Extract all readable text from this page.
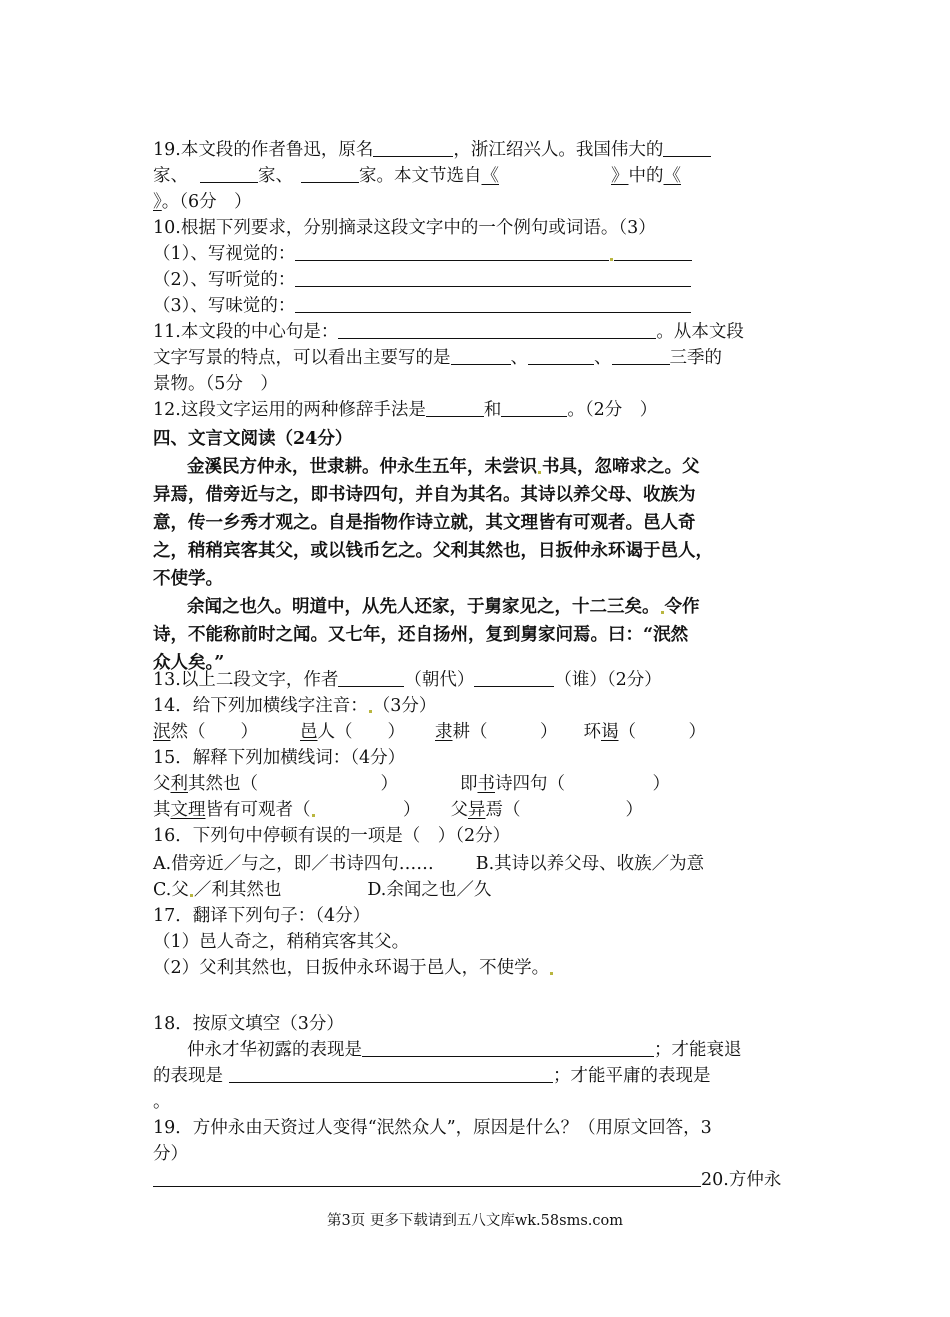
19.本文段的作者鲁迅，原名	，浙江绍兴人。我国伟大的
家、	家、	家。本文节选自《	》中的《
》。（6分　）
10.根据下列要求，分别摘录这段文字中的一个例句或词语。（3）
（1）、写视觉的：
（2）、写听觉的：
（3）、写味觉的：
11.本文段的中心句是：	。从本文段
文字写景的特点，可以看出主要写的是	、	、	三季的
景物。（5分　）
12.这段文字运用的两种修辞手法是	和	。（2分　）
四、文言文阅读（24分）
金溪民方仲永，世隶耕。仲永生五年，未尝识 书具，忽啼求之。父
异焉，借旁近与之，即书诗四句，并自为其名。其诗以养父母、收族为
意，传一乡秀才观之。自是指物作诗立就，其文理皆有可观者。邑人奇
之，稍稍宾客其父，或以钱币乞之。父利其然也，日扳仲永环谒于邑人，
不使学。
余闻之也久。明道中，从先人还家，于舅家见之，十二三矣。 令作
诗，不能称前时之闻。又七年，还自扬州，复到舅家问焉。曰：“泯然
众人矣。”
13.以上二段文字，作者	（朝代）	（谁）（2分）
14．给下列加横线字注音： （3分）
泯然（　　） 邑人（　　） 隶耕（　　　） 环谒（　　　）
15．解释下列加横线词：（4分）
父利其然也（　　　　　　　）	即书诗四句（　　　　　）
其文理皆有可观者（　　　　　） 父异焉（　　　　　　）
16．下列句中停顿有误的一项是（　）（2分）
A.借旁近／与之，即／书诗四句…… B.其诗以养父母、收族／为意
C.父 ／利其然也	D.余闻之也／久
17．翻译下列句子：（4分）
（1）邑人奇之，稍稍宾客其父。
（2）父利其然也，日扳仲永环谒于邑人，不使学。
18．按原文填空（3分）
仲永才华初露的表现是	；才能衰退
的表现是	；才能平庸的表现是
。
19．方仲永由天资过人变得“泯然众人”，原因是什么？（用原文回答，3
分）
20.方仲永
第3页 更多下载请到五八文库wk.58sms.com
